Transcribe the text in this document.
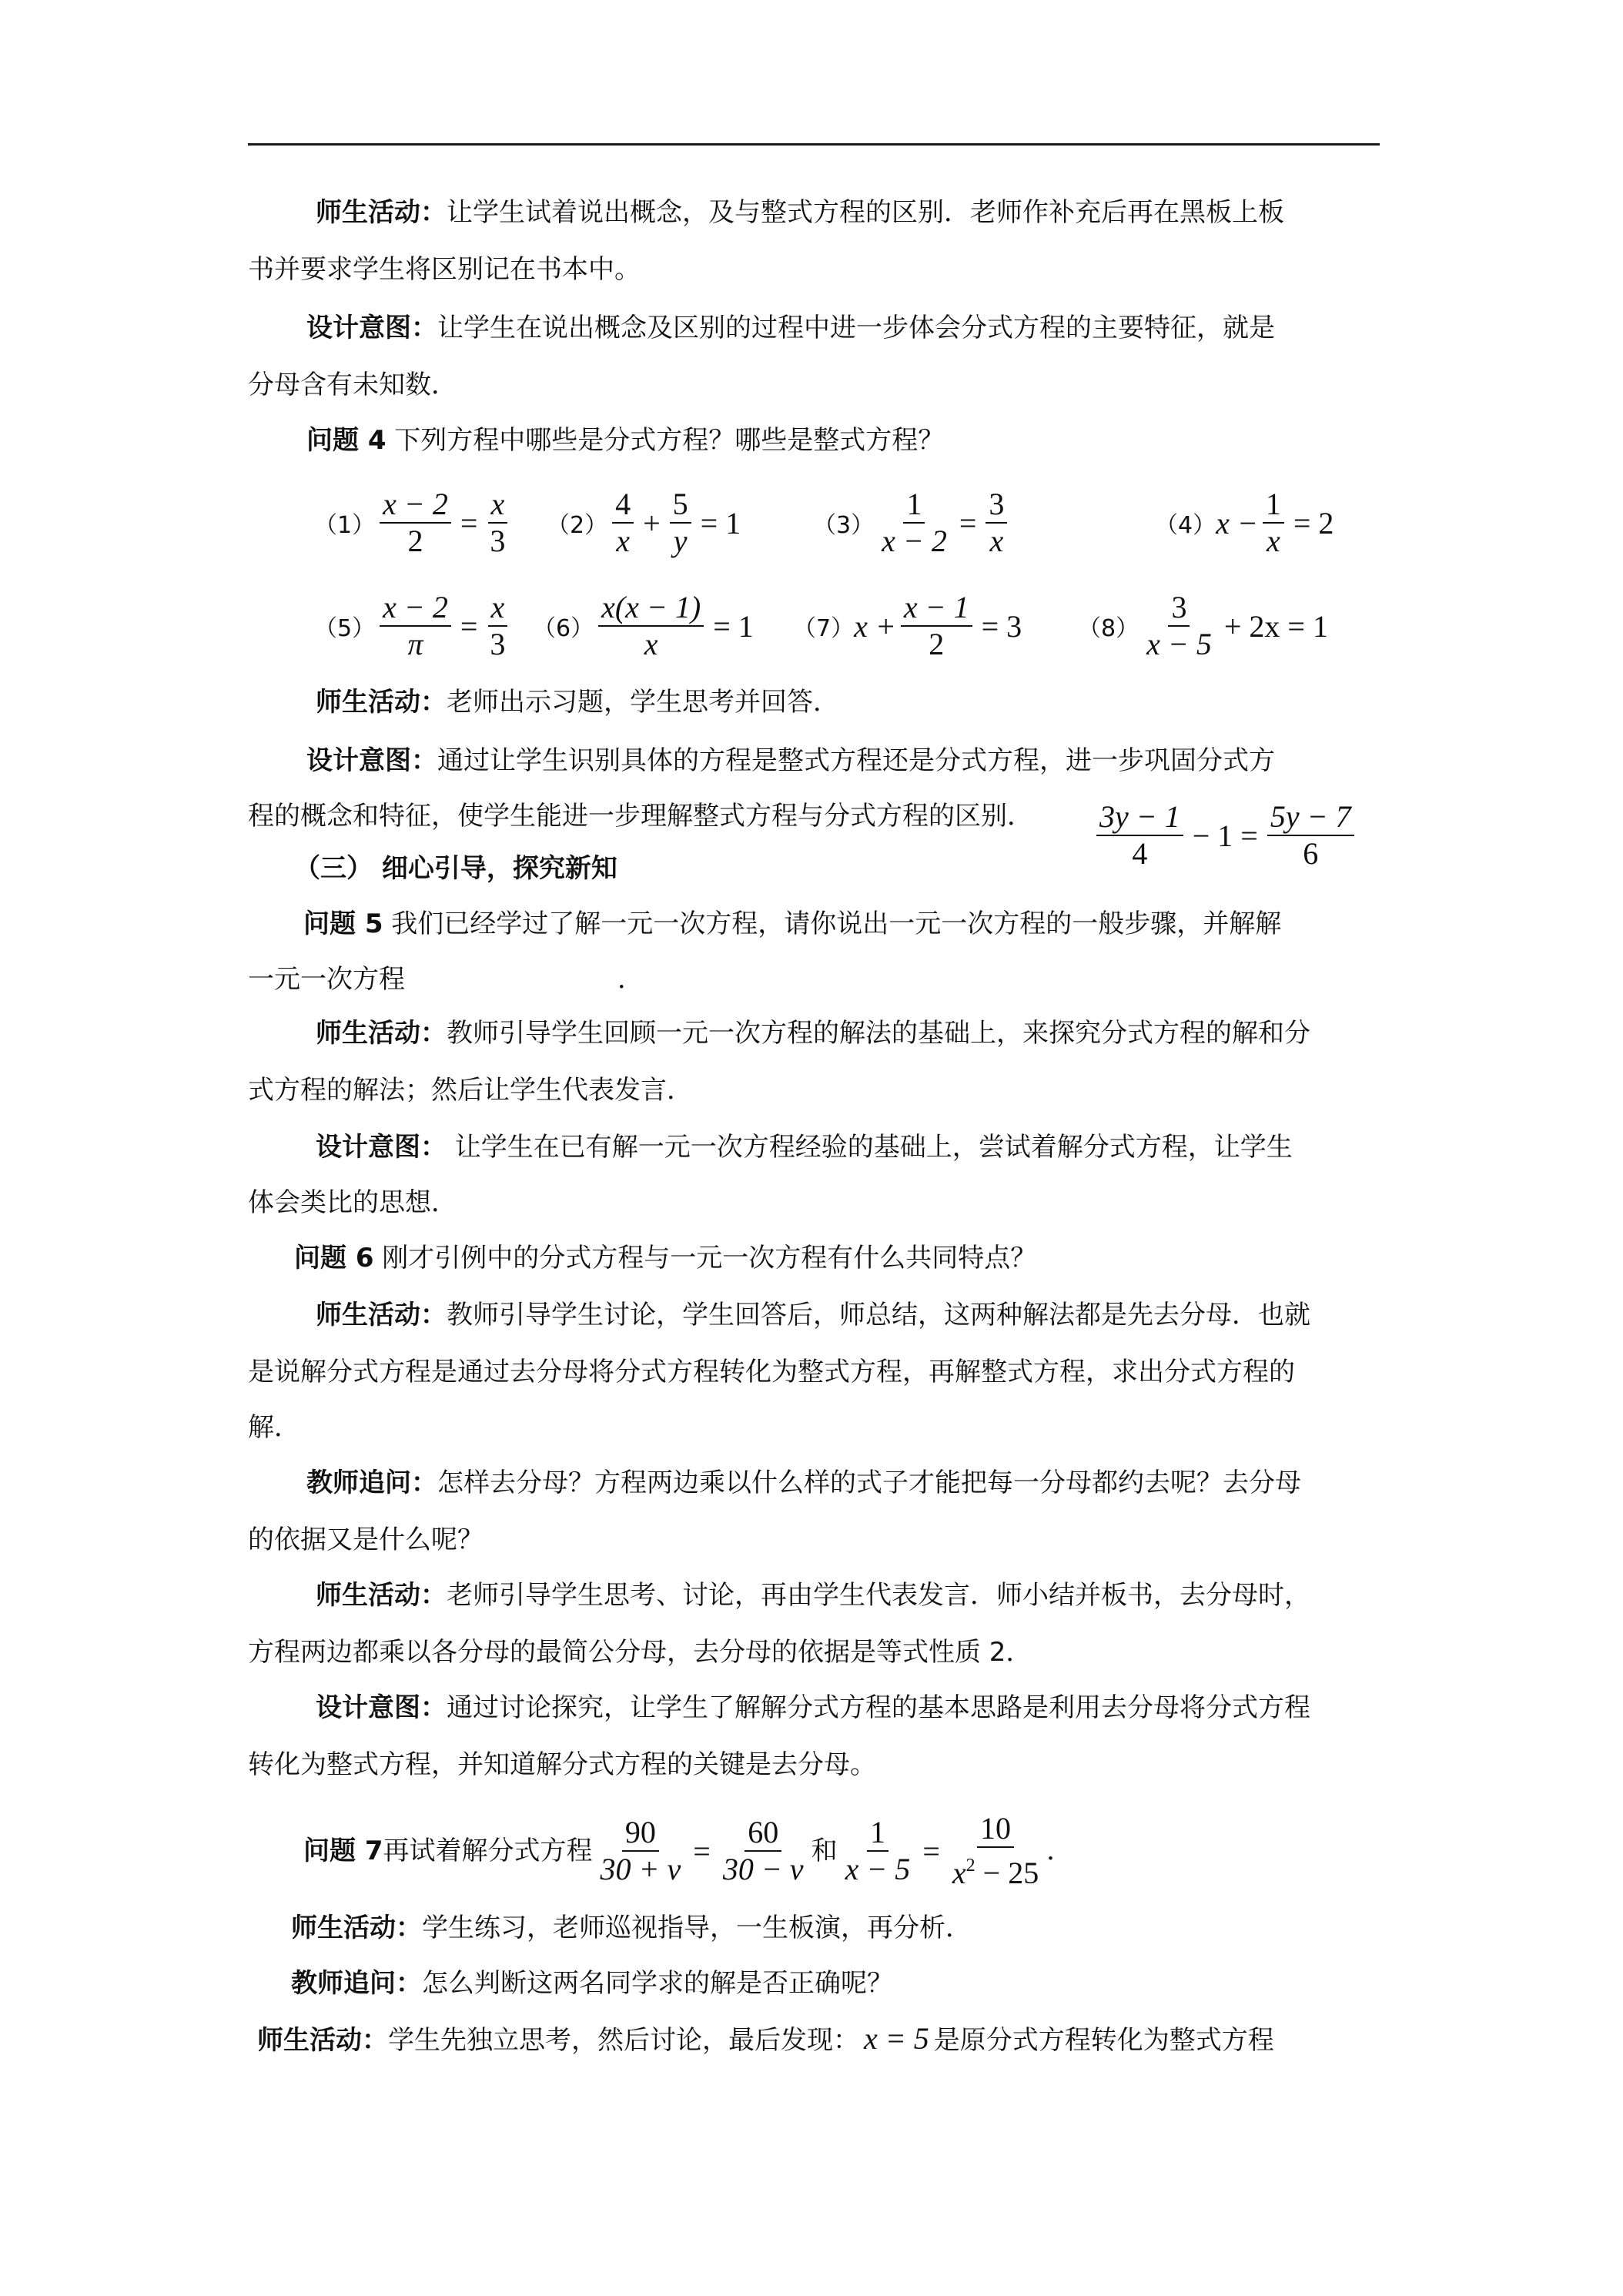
师生活动：让学生试着说出概念，及与整式方程的区别．老师作补充后再在黑板上板
书并要求学生将区别记在书本中。
设计意图：让学生在说出概念及区别的过程中进一步体会分式方程的主要特征，就是
分母含有未知数．
问题 4 下列方程中哪些是分式方程？哪些是整式方程？
$(1) \frac{x - 2}{2} = \frac{x}{3} (2) \frac{4}{x} + \frac{5}{y} = 1$	$(3) \frac{1}{x - 2} = \frac{3}{x}$	（4） $x - \frac{1}{x} = 2$
$(5) \frac{x - 2}{\pi} = \frac{x}{3} (6) \frac{x(x - 1)}{x} = 1$ （7） $x + \frac{x - 1}{2} = 3$ $(8) \frac{3}{x - 5} + 2x = 1$
师生活动：老师出示习题，学生思考并回答．
设计意图：通过让学生识别具体的方程是整式方程还是分式方程，进一步巩固分式方
程的概念和特征，使学生能进一步理解整式方程与分式方程的区别． $\frac{3y - 1}{4} - 1 = \frac{5y - 7}{6}$
（三） 细心引导，探究新知
问题 5 我们已经学过了解一元一次方程，请你说出一元一次方程的一般步骤，并解解
一元一次方程	．
师生活动：教师引导学生回顾一元一次方程的解法的基础上，来探究分式方程的解和分
式方程的解法；然后让学生代表发言．
设计意图： 让学生在已有解一元一次方程经验的基础上，尝试着解分式方程，让学生
体会类比的思想．
问题 6 刚才引例中的分式方程与一元一次方程有什么共同特点？
师生活动：教师引导学生讨论，学生回答后，师总结，这两种解法都是先去分母．也就
是说解分式方程是通过去分母将分式方程转化为整式方程，再解整式方程，求出分式方程的
解．
教师追问：怎样去分母？方程两边乘以什么样的式子才能把每一分母都约去呢？去分母
的依据又是什么呢？
师生活动：老师引导学生思考、讨论，再由学生代表发言．师小结并板书，去分母时，
方程两边都乘以各分母的最简公分母，去分母的依据是等式性质 2．
设计意图：通过讨论探究，让学生了解解分式方程的基本思路是利用去分母将分式方程
转化为整式方程，并知道解分式方程的关键是去分母。
问题 7 再试着解分式方程 $\frac{90}{30 + v} = \frac{60}{30 - v}$ 和 $\frac{1}{x - 5} = \frac{10}{x^2 - 25}$ ．
师生活动：学生练习，老师巡视指导，一生板演，再分析．
教师追问：怎么判断这两名同学求的解是否正确呢？
师生活动：学生先独立思考，然后讨论，最后发现： x = 5 是原分式方程转化为整式方程
